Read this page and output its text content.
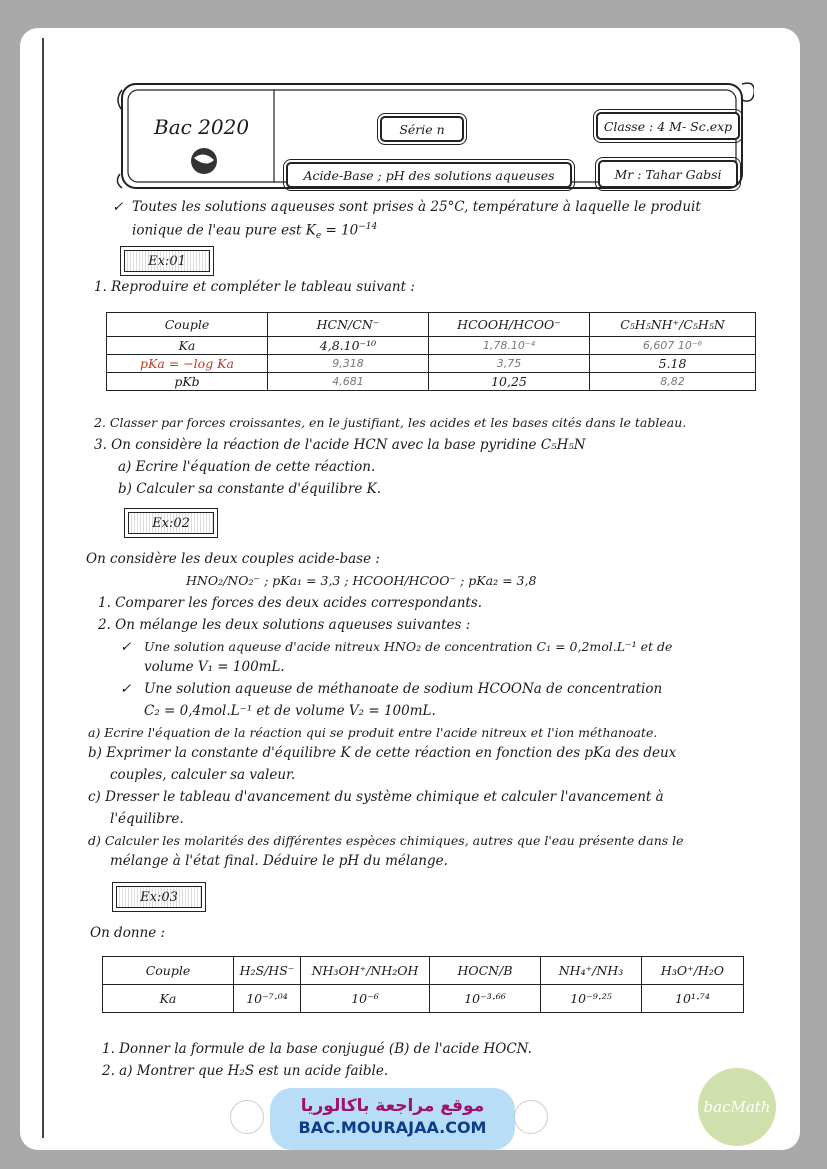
Bac 2020	Série n	Classe : 4 M- Sc.exp
Acide-Base ; pH des solutions aqueuses	Mr : Tahar Gabsi
✓ Toutes les solutions aqueuses sont prises à 25°C, température à laquelle le produit
ionique de l'eau pure est $K_e = 10^{-14}$
Ex:01
1. Reproduire et compléter le tableau suivant :
Couple	HCN/CN⁻	HCOOH/HCOO⁻	C₅H₅NH⁺/C₅H₅N
Ka	4,8.10⁻¹⁰	1,78.10⁻⁴	6,607 10⁻⁶
pKa = −log Ka	9,318	3,75	5.18
pKb	4,681	10,25	8,82
2. Classer par forces croissantes, en le justifiant, les acides et les bases cités dans le tableau.
3. On considère la réaction de l'acide HCN avec la base pyridine C₅H₅N
a) Ecrire l'équation de cette réaction.
b) Calculer sa constante d'équilibre K.
Ex:02
On considère les deux couples acide-base :
HNO₂/NO₂⁻ ; pKa₁ = 3,3 ; HCOOH/HCOO⁻ ; pKa₂ = 3,8
1. Comparer les forces des deux acides correspondants.
2. On mélange les deux solutions aqueuses suivantes :
✓ Une solution aqueuse d'acide nitreux HNO₂ de concentration C₁ = 0,2mol.L⁻¹ et de
volume V₁ = 100mL.
✓ Une solution aqueuse de méthanoate de sodium HCOONa de concentration
C₂ = 0,4mol.L⁻¹ et de volume V₂ = 100mL.
a) Ecrire l'équation de la réaction qui se produit entre l'acide nitreux et l'ion méthanoate.
b) Exprimer la constante d'équilibre K de cette réaction en fonction des pKa des deux
couples, calculer sa valeur.
c) Dresser le tableau d'avancement du système chimique et calculer l'avancement à
l'équilibre.
d) Calculer les molarités des différentes espèces chimiques, autres que l'eau présente dans le
mélange à l'état final. Déduire le pH du mélange.
Ex:03
On donne :
Couple	H₂S/HS⁻	NH₃OH⁺/NH₂OH	HOCN/B	NH₄⁺/NH₃	H₃O⁺/H₂O
Ka	10⁻⁷·⁰⁴	10⁻⁶	10⁻³·⁶⁶	10⁻⁹·²⁵	10¹·⁷⁴
1. Donner la formule de la base conjugué (B) de l'acide HOCN.
2. a) Montrer que H₂S est un acide faible.
موقع مراجعة باكالوريا
BAC.MOURAJAA.COM
bacMath
